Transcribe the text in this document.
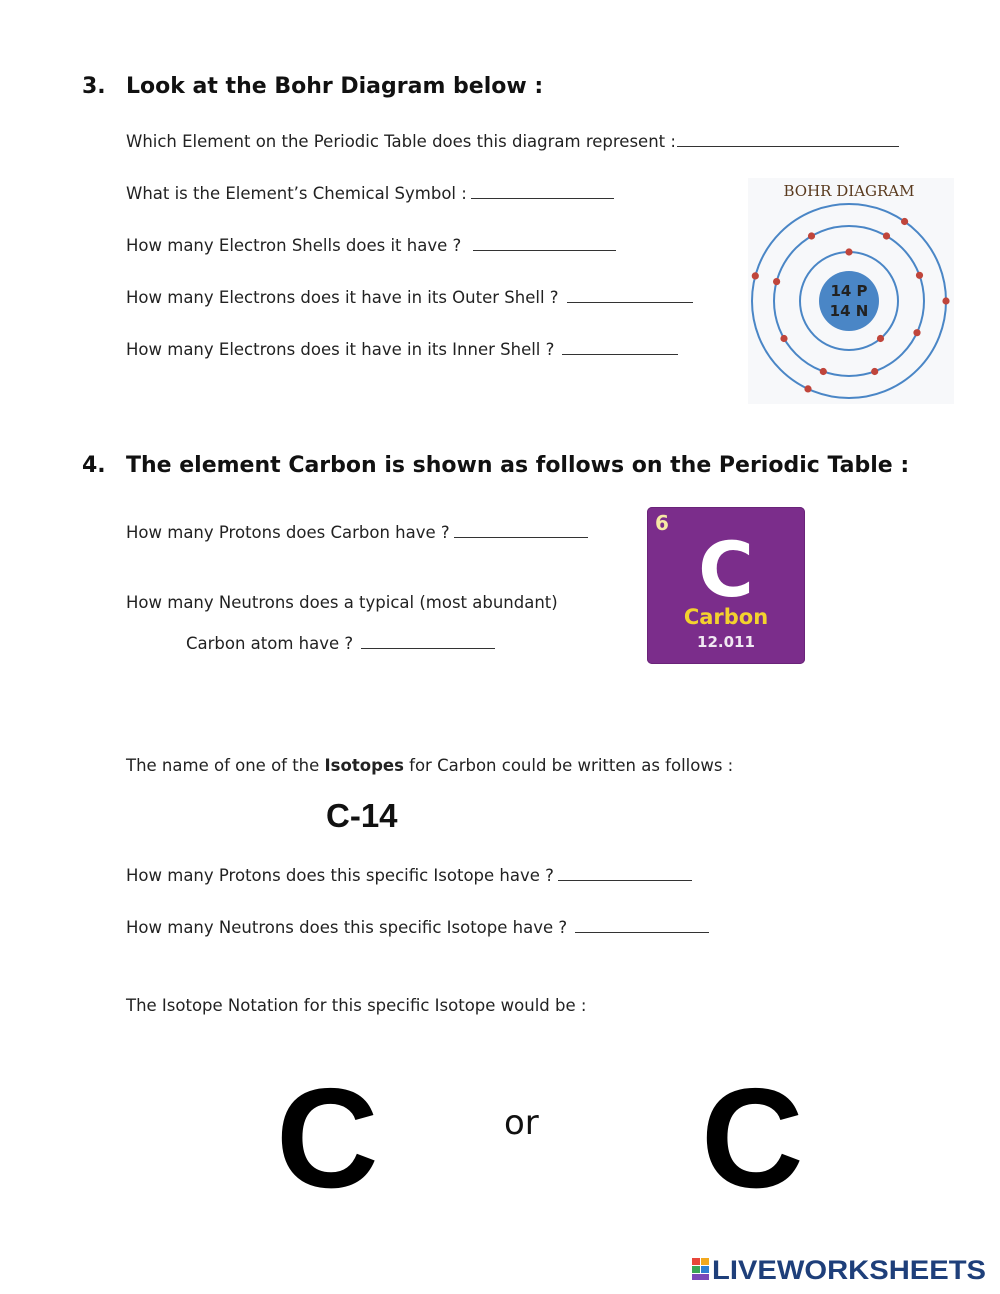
3. Look at the Bohr Diagram below :
Which Element on the Periodic Table does this diagram represent :
What is the Element’s Chemical Symbol :
How many Electron Shells does it have ?
How many Electrons does it have in its Outer Shell ?
How many Electrons does it have in its Inner Shell ?
BOHR DIAGRAM
14 P
14 N
4. The element Carbon is shown as follows on the Periodic Table :
How many Protons does Carbon have ?
How many Neutrons does a typical (most abundant)
Carbon atom have ?
6
C
Carbon
12.011
The name of one of the Isotopes for Carbon could be written as follows :
C-14
How many Protons does this specific Isotope have ?
How many Neutrons does this specific Isotope have ?
The Isotope Notation for this specific Isotope would be :
C	or C
LIVEWORKSHEETS
